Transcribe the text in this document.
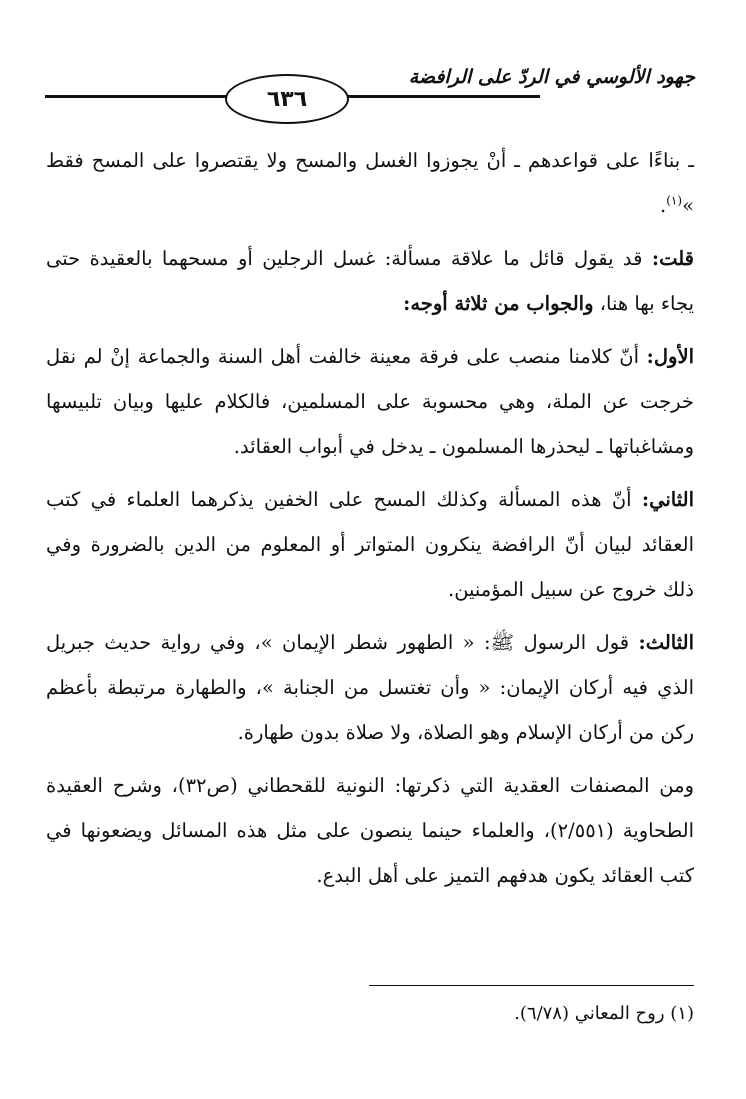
جهود الألوسي في الردّ على الرافضة
٦٣٦

ـ بناءًا على قواعدهم ـ أنْ يجوزوا الغسل والمسح ولا يقتصروا على المسح فقط »$^{(١)}$.

قلت: قد يقول قائل ما علاقة مسألة: غسل الرجلين أو مسحهما بالعقيدة حتى يجاء بها هنا، والجواب من ثلاثة أوجه:

الأول: أنّ كلامنا منصب على فرقة معينة خالفت أهل السنة والجماعة إنْ لم نقل خرجت عن الملة، وهي محسوبة على المسلمين، فالكلام عليها وبيان تلبيسها ومشاغباتها ـ ليحذرها المسلمون ـ يدخل في أبواب العقائد.

الثاني: أنّ هذه المسألة وكذلك المسح على الخفين يذكرهما العلماء في كتب العقائد لبيان أنّ الرافضة ينكرون المتواتر أو المعلوم من الدين بالضرورة وفي ذلك خروج عن سبيل المؤمنين.

الثالث: قول الرسول ﷺ: « الطهور شطر الإيمان »، وفي رواية حديث جبريل الذي فيه أركان الإيمان: « وأن تغتسل من الجنابة »، والطهارة مرتبطة بأعظم ركن من أركان الإسلام وهو الصلاة، ولا صلاة بدون طهارة.

ومن المصنفات العقدية التي ذكرتها: النونية للقحطاني (ص٣٢)، وشرح العقيدة الطحاوية (٢/٥٥١)، والعلماء حينما ينصون على مثل هذه المسائل ويضعونها في كتب العقائد يكون هدفهم التميز على أهل البدع.

(١) روح المعاني (٦/٧٨).
